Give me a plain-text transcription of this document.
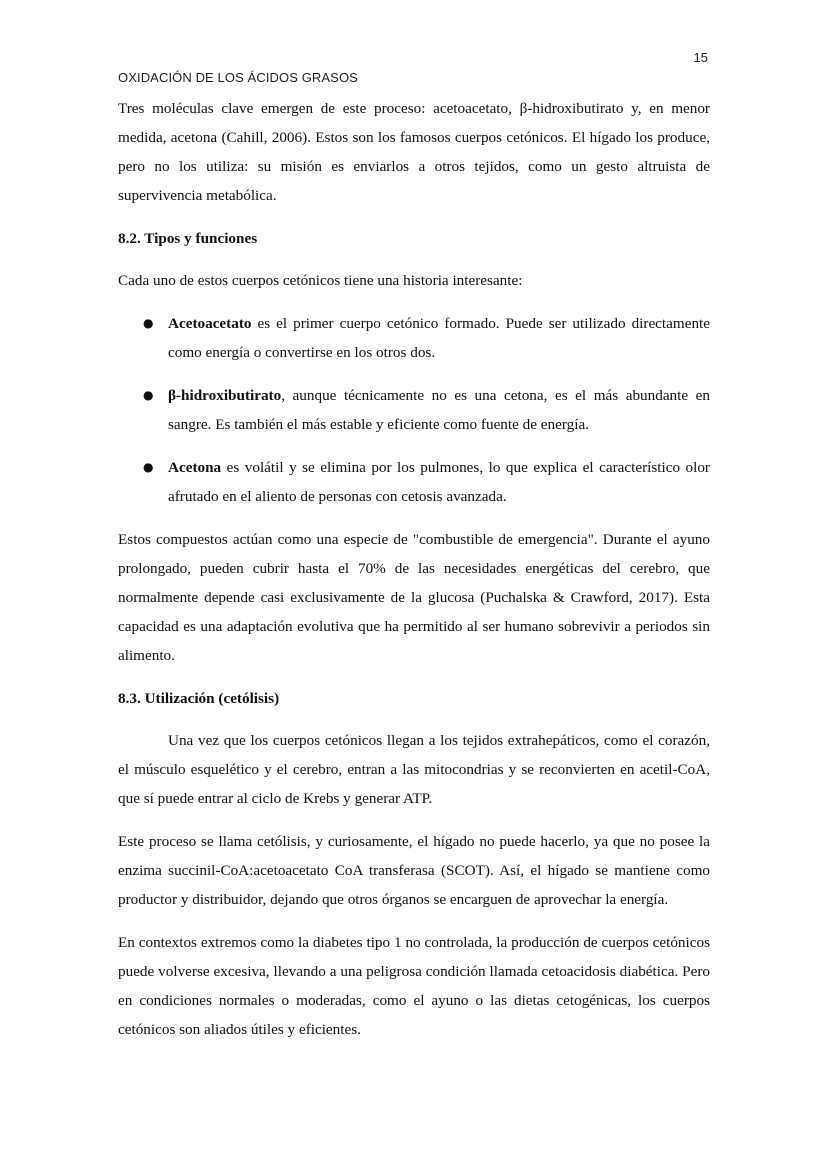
15
OXIDACIÓN DE LOS ÁCIDOS GRASOS

Tres moléculas clave emergen de este proceso: acetoacetato, β-hidroxibutirato y, en menor medida, acetona (Cahill, 2006). Estos son los famosos cuerpos cetónicos. El hígado los produce, pero no los utiliza: su misión es enviarlos a otros tejidos, como un gesto altruista de supervivencia metabólica.

8.2. Tipos y funciones

Cada uno de estos cuerpos cetónicos tiene una historia interesante:

● Acetoacetato es el primer cuerpo cetónico formado. Puede ser utilizado directamente como energía o convertirse en los otros dos.
● β-hidroxibutirato, aunque técnicamente no es una cetona, es el más abundante en sangre. Es también el más estable y eficiente como fuente de energía.
● Acetona es volátil y se elimina por los pulmones, lo que explica el característico olor afrutado en el aliento de personas con cetosis avanzada.

Estos compuestos actúan como una especie de "combustible de emergencia". Durante el ayuno prolongado, pueden cubrir hasta el 70% de las necesidades energéticas del cerebro, que normalmente depende casi exclusivamente de la glucosa (Puchalska & Crawford, 2017). Esta capacidad es una adaptación evolutiva que ha permitido al ser humano sobrevivir a periodos sin alimento.

8.3. Utilización (cetólisis)

Una vez que los cuerpos cetónicos llegan a los tejidos extrahepáticos, como el corazón, el músculo esquelético y el cerebro, entran a las mitocondrias y se reconvierten en acetil-CoA, que sí puede entrar al ciclo de Krebs y generar ATP.

Este proceso se llama cetólisis, y curiosamente, el hígado no puede hacerlo, ya que no posee la enzima succinil-CoA:acetoacetato CoA transferasa (SCOT). Así, el hígado se mantiene como productor y distribuidor, dejando que otros órganos se encarguen de aprovechar la energía.

En contextos extremos como la diabetes tipo 1 no controlada, la producción de cuerpos cetónicos puede volverse excesiva, llevando a una peligrosa condición llamada cetoacidosis diabética. Pero en condiciones normales o moderadas, como el ayuno o las dietas cetogénicas, los cuerpos cetónicos son aliados útiles y eficientes.
